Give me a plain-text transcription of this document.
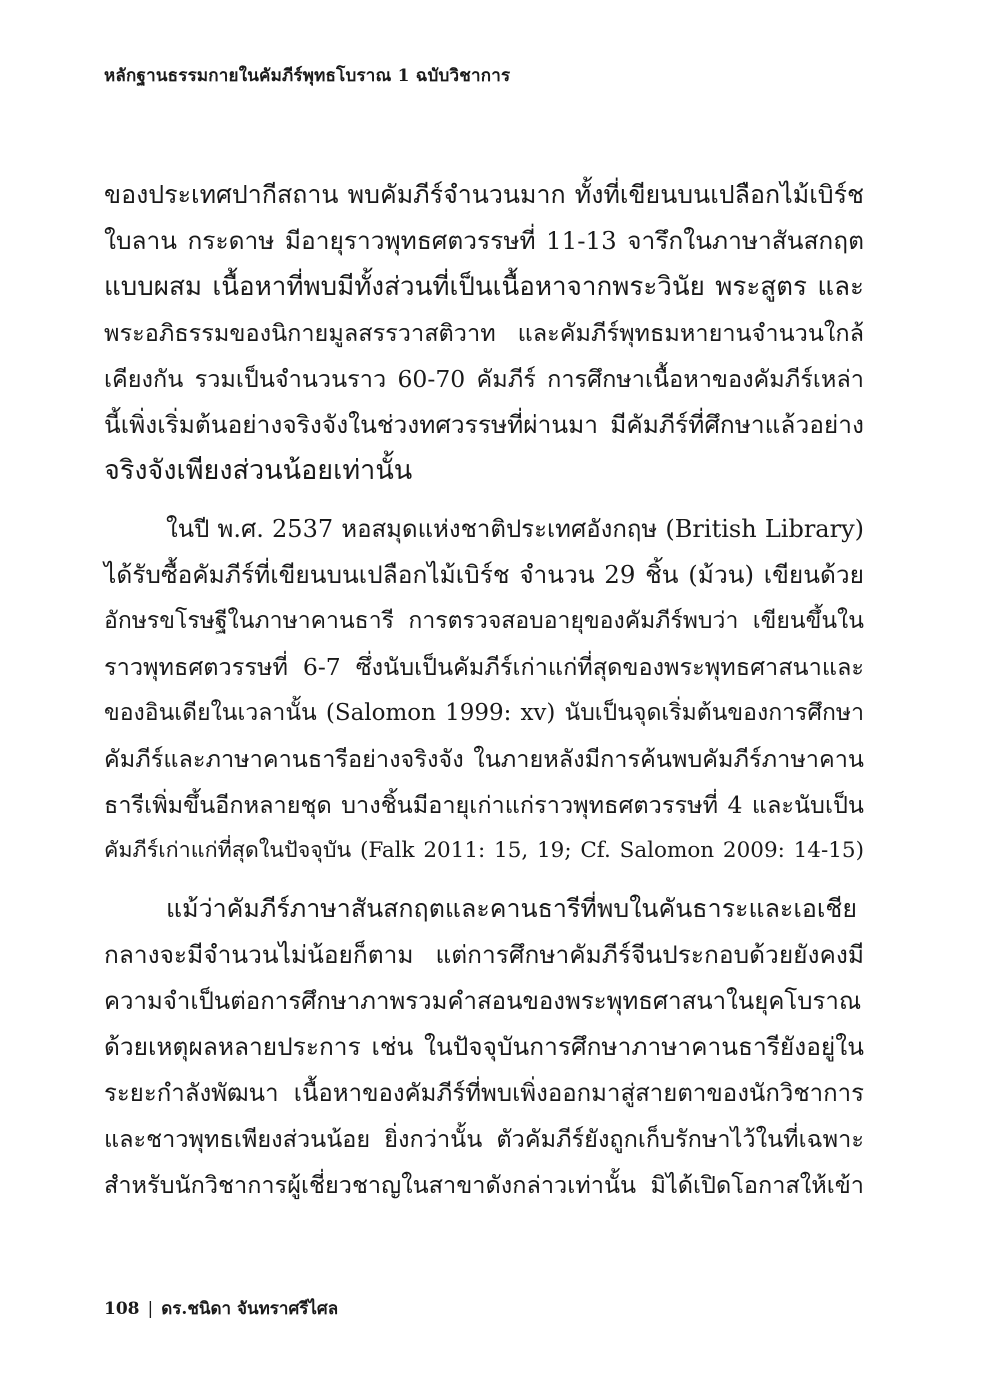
หลักฐานธรรมกายในคัมภีร์พุทธโบราณ 1 ฉบับวิชาการ
ของประเทศปากีสถาน พบคัมภีร์จำนวนมาก ทั้งที่เขียนบนเปลือกไม้เบิร์ช
ใบลาน กระดาษ มีอายุราวพุทธศตวรรษที่ 11-13 จารึกในภาษาสันสกฤต
แบบผสม เนื้อหาที่พบมีทั้งส่วนที่เป็นเนื้อหาจากพระวินัย พระสูตร และ
พระอภิธรรมของนิกายมูลสรรวาสติวาท และคัมภีร์พุทธมหายานจำนวนใกล้
เคียงกัน รวมเป็นจำนวนราว 60-70 คัมภีร์ การศึกษาเนื้อหาของคัมภีร์เหล่า
นี้เพิ่งเริ่มต้นอย่างจริงจังในช่วงทศวรรษที่ผ่านมา มีคัมภีร์ที่ศึกษาแล้วอย่าง
จริงจังเพียงส่วนน้อยเท่านั้น
ในปี พ.ศ. 2537 หอสมุดแห่งชาติประเทศอังกฤษ (British Library)
ได้รับซื้อคัมภีร์ที่เขียนบนเปลือกไม้เบิร์ช จำนวน 29 ชิ้น (ม้วน) เขียนด้วย
อักษรขโรษฐีในภาษาคานธารี การตรวจสอบอายุของคัมภีร์พบว่า เขียนขึ้นใน
ราวพุทธศตวรรษที่ 6-7 ซึ่งนับเป็นคัมภีร์เก่าแก่ที่สุดของพระพุทธศาสนาและ
ของอินเดียในเวลานั้น (Salomon 1999: xv) นับเป็นจุดเริ่มต้นของการศึกษา
คัมภีร์และภาษาคานธารีอย่างจริงจัง ในภายหลังมีการค้นพบคัมภีร์ภาษาคาน
ธารีเพิ่มขึ้นอีกหลายชุด บางชิ้นมีอายุเก่าแก่ราวพุทธศตวรรษที่ 4 และนับเป็น
คัมภีร์เก่าแก่ที่สุดในปัจจุบัน (Falk 2011: 15, 19; Cf. Salomon 2009: 14-15)
แม้ว่าคัมภีร์ภาษาสันสกฤตและคานธารีที่พบในคันธาระและเอเชีย
กลางจะมีจำนวนไม่น้อยก็ตาม แต่การศึกษาคัมภีร์จีนประกอบด้วยยังคงมี
ความจำเป็นต่อการศึกษาภาพรวมคำสอนของพระพุทธศาสนาในยุคโบราณ
ด้วยเหตุผลหลายประการ เช่น ในปัจจุบันการศึกษาภาษาคานธารียังอยู่ใน
ระยะกำลังพัฒนา เนื้อหาของคัมภีร์ที่พบเพิ่งออกมาสู่สายตาของนักวิชาการ
และชาวพุทธเพียงส่วนน้อย ยิ่งกว่านั้น ตัวคัมภีร์ยังถูกเก็บรักษาไว้ในที่เฉพาะ
สำหรับนักวิชาการผู้เชี่ยวชาญในสาขาดังกล่าวเท่านั้น มิได้เปิดโอกาสให้เข้า
108 | ดร.ชนิดา จันทราศรีไศล
